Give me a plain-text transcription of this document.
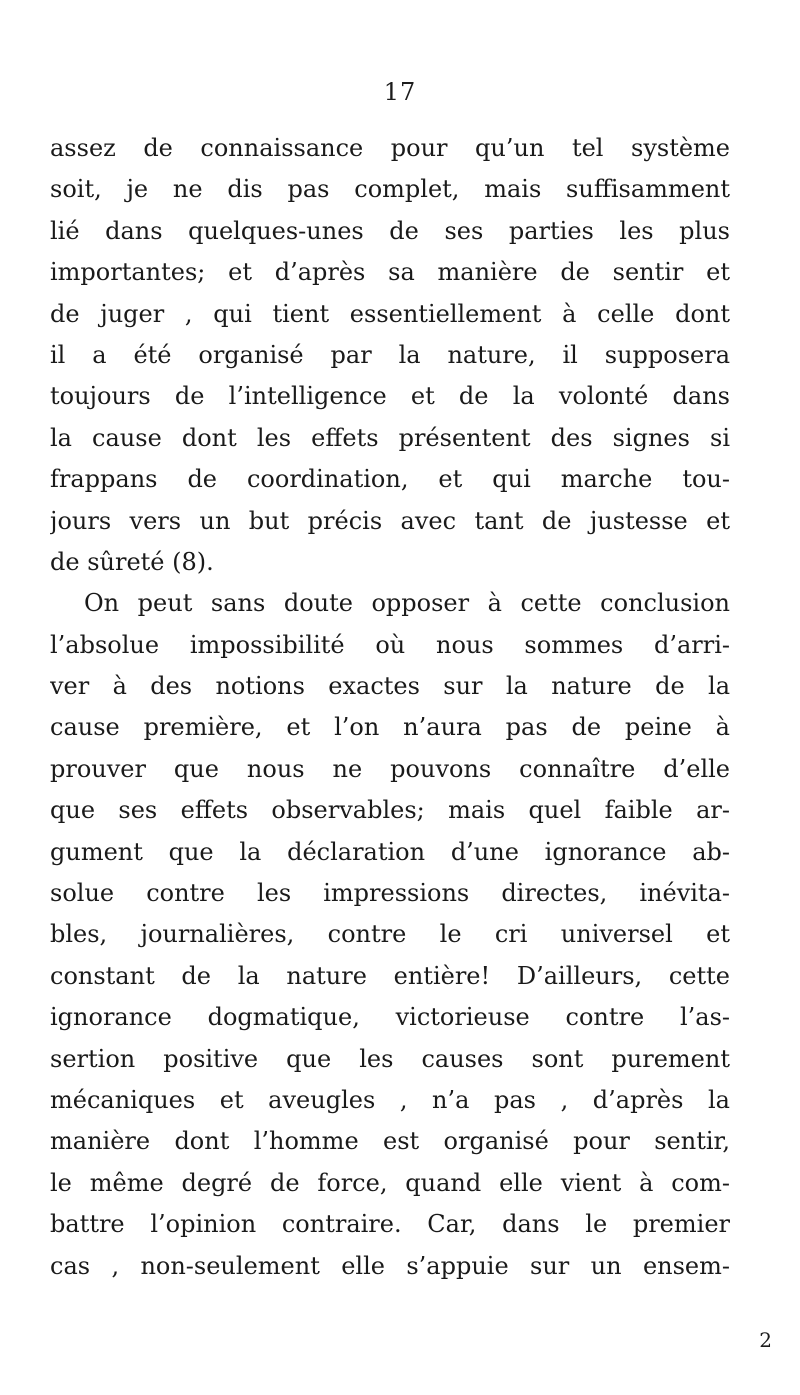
17
assez de connaissance pour qu’un tel système
soit, je ne dis pas complet, mais suffisamment
lié dans quelques-unes de ses parties les plus
importantes; et d’après sa manière de sentir et
de juger , qui tient essentiellement à celle dont
il a été organisé par la nature, il supposera
toujours de l’intelligence et de la volonté dans
la cause dont les effets présentent des signes si
frappans de coordination, et qui marche tou-
jours vers un but précis avec tant de justesse et
de sûreté (8).
On peut sans doute opposer à cette conclusion
l’absolue impossibilité où nous sommes d’arri-
ver à des notions exactes sur la nature de la
cause première, et l’on n’aura pas de peine à
prouver que nous ne pouvons connaître d’elle
que ses effets observables; mais quel faible ar-
gument que la déclaration d’une ignorance ab-
solue contre les impressions directes, inévita-
bles, journalières, contre le cri universel et
constant de la nature entière! D’ailleurs, cette
ignorance dogmatique, victorieuse contre l’as-
sertion positive que les causes sont purement
mécaniques et aveugles , n’a pas , d’après la
manière dont l’homme est organisé pour sentir,
le même degré de force, quand elle vient à com-
battre l’opinion contraire. Car, dans le premier
cas , non-seulement elle s’appuie sur un ensem-
2
